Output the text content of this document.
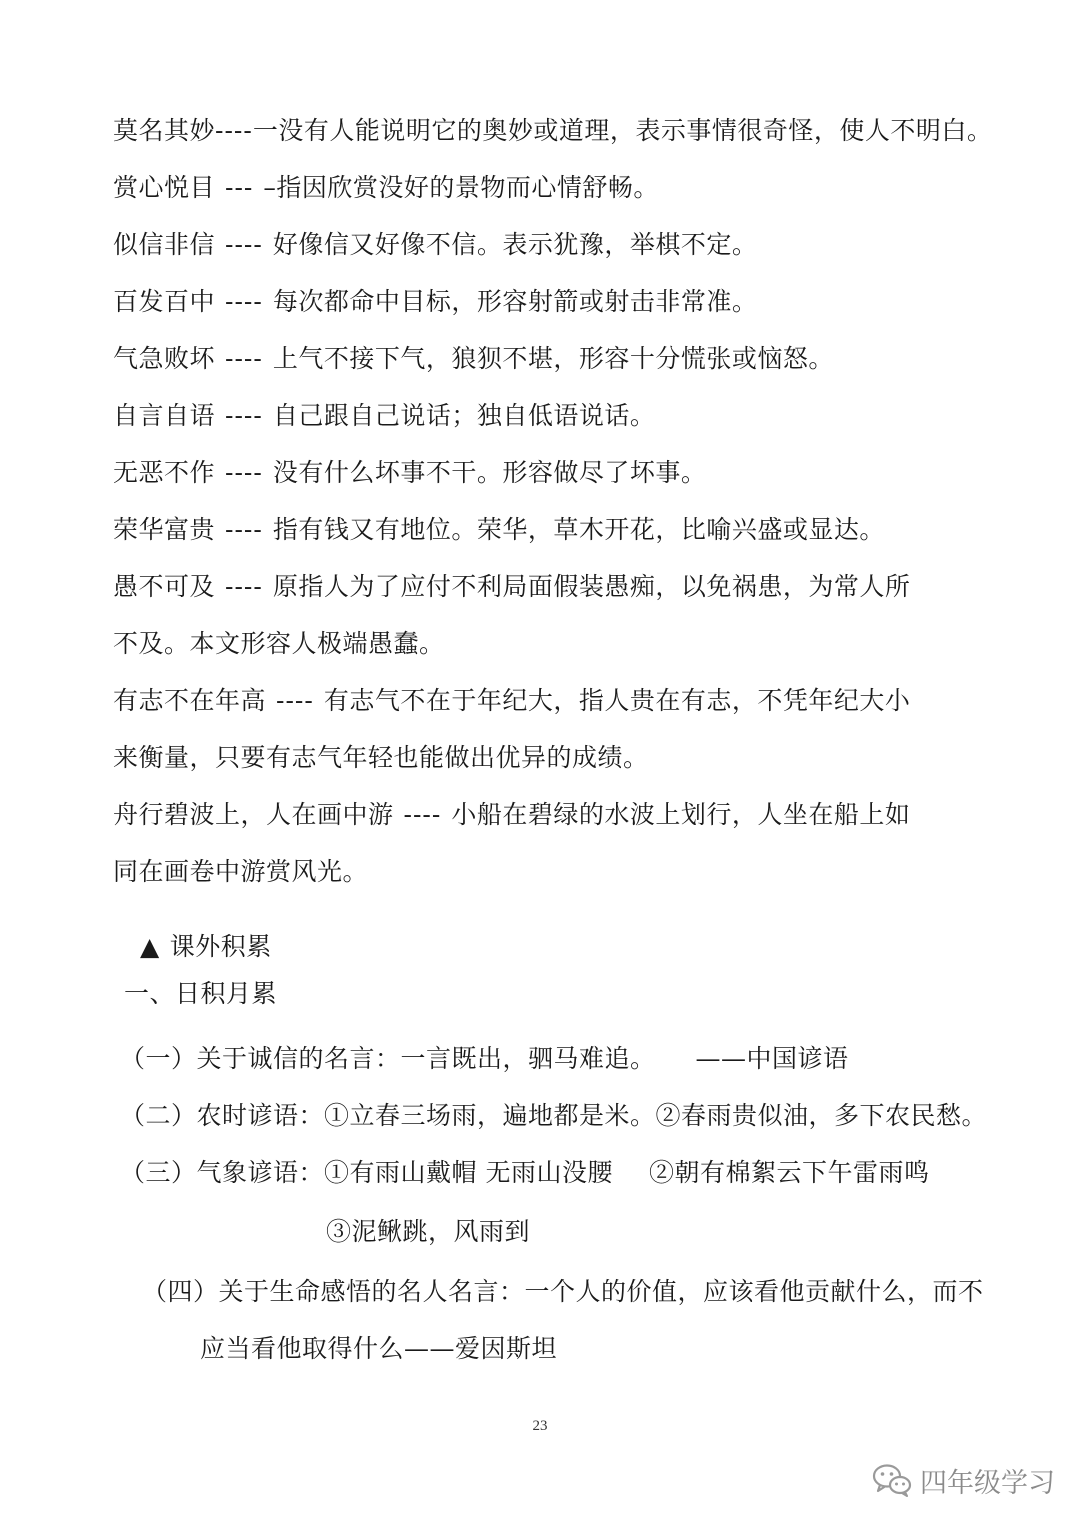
莫名其妙----一没有人能说明它的奥妙或道理，表示事情很奇怪，使人不明白。
赏心悦目 --- –指因欣赏没好的景物而心情舒畅。
似信非信 ---- 好像信又好像不信。表示犹豫，举棋不定。
百发百中 ---- 每次都命中目标，形容射箭或射击非常准。
气急败坏 ---- 上气不接下气，狼狈不堪，形容十分慌张或恼怒。
自言自语 ---- 自己跟自己说话；独自低语说话。
无恶不作 ---- 没有什么坏事不干。形容做尽了坏事。
荣华富贵 ---- 指有钱又有地位。荣华，草木开花，比喻兴盛或显达。
愚不可及 ---- 原指人为了应付不利局面假装愚痴，以免祸患，为常人所
不及。本文形容人极端愚蠢。
有志不在年高 ---- 有志气不在于年纪大，指人贵在有志，不凭年纪大小
来衡量，只要有志气年轻也能做出优异的成绩。
舟行碧波上，人在画中游 ---- 小船在碧绿的水波上划行，人坐在船上如
同在画卷中游赏风光。
▲ 课外积累
一、日积月累
（一）关于诚信的名言：一言既出，驷马难追。 ——中国谚语
（二）农时谚语：①立春三场雨，遍地都是米。②春雨贵似油，多下农民愁。
（三）气象谚语：①有雨山戴帽 无雨山没腰 ②朝有棉絮云下午雷雨鸣
③泥鳅跳，风雨到
（四）关于生命感悟的名人名言：一个人的价值，应该看他贡献什么，而不
应当看他取得什么——爱因斯坦
23
四年级学习
